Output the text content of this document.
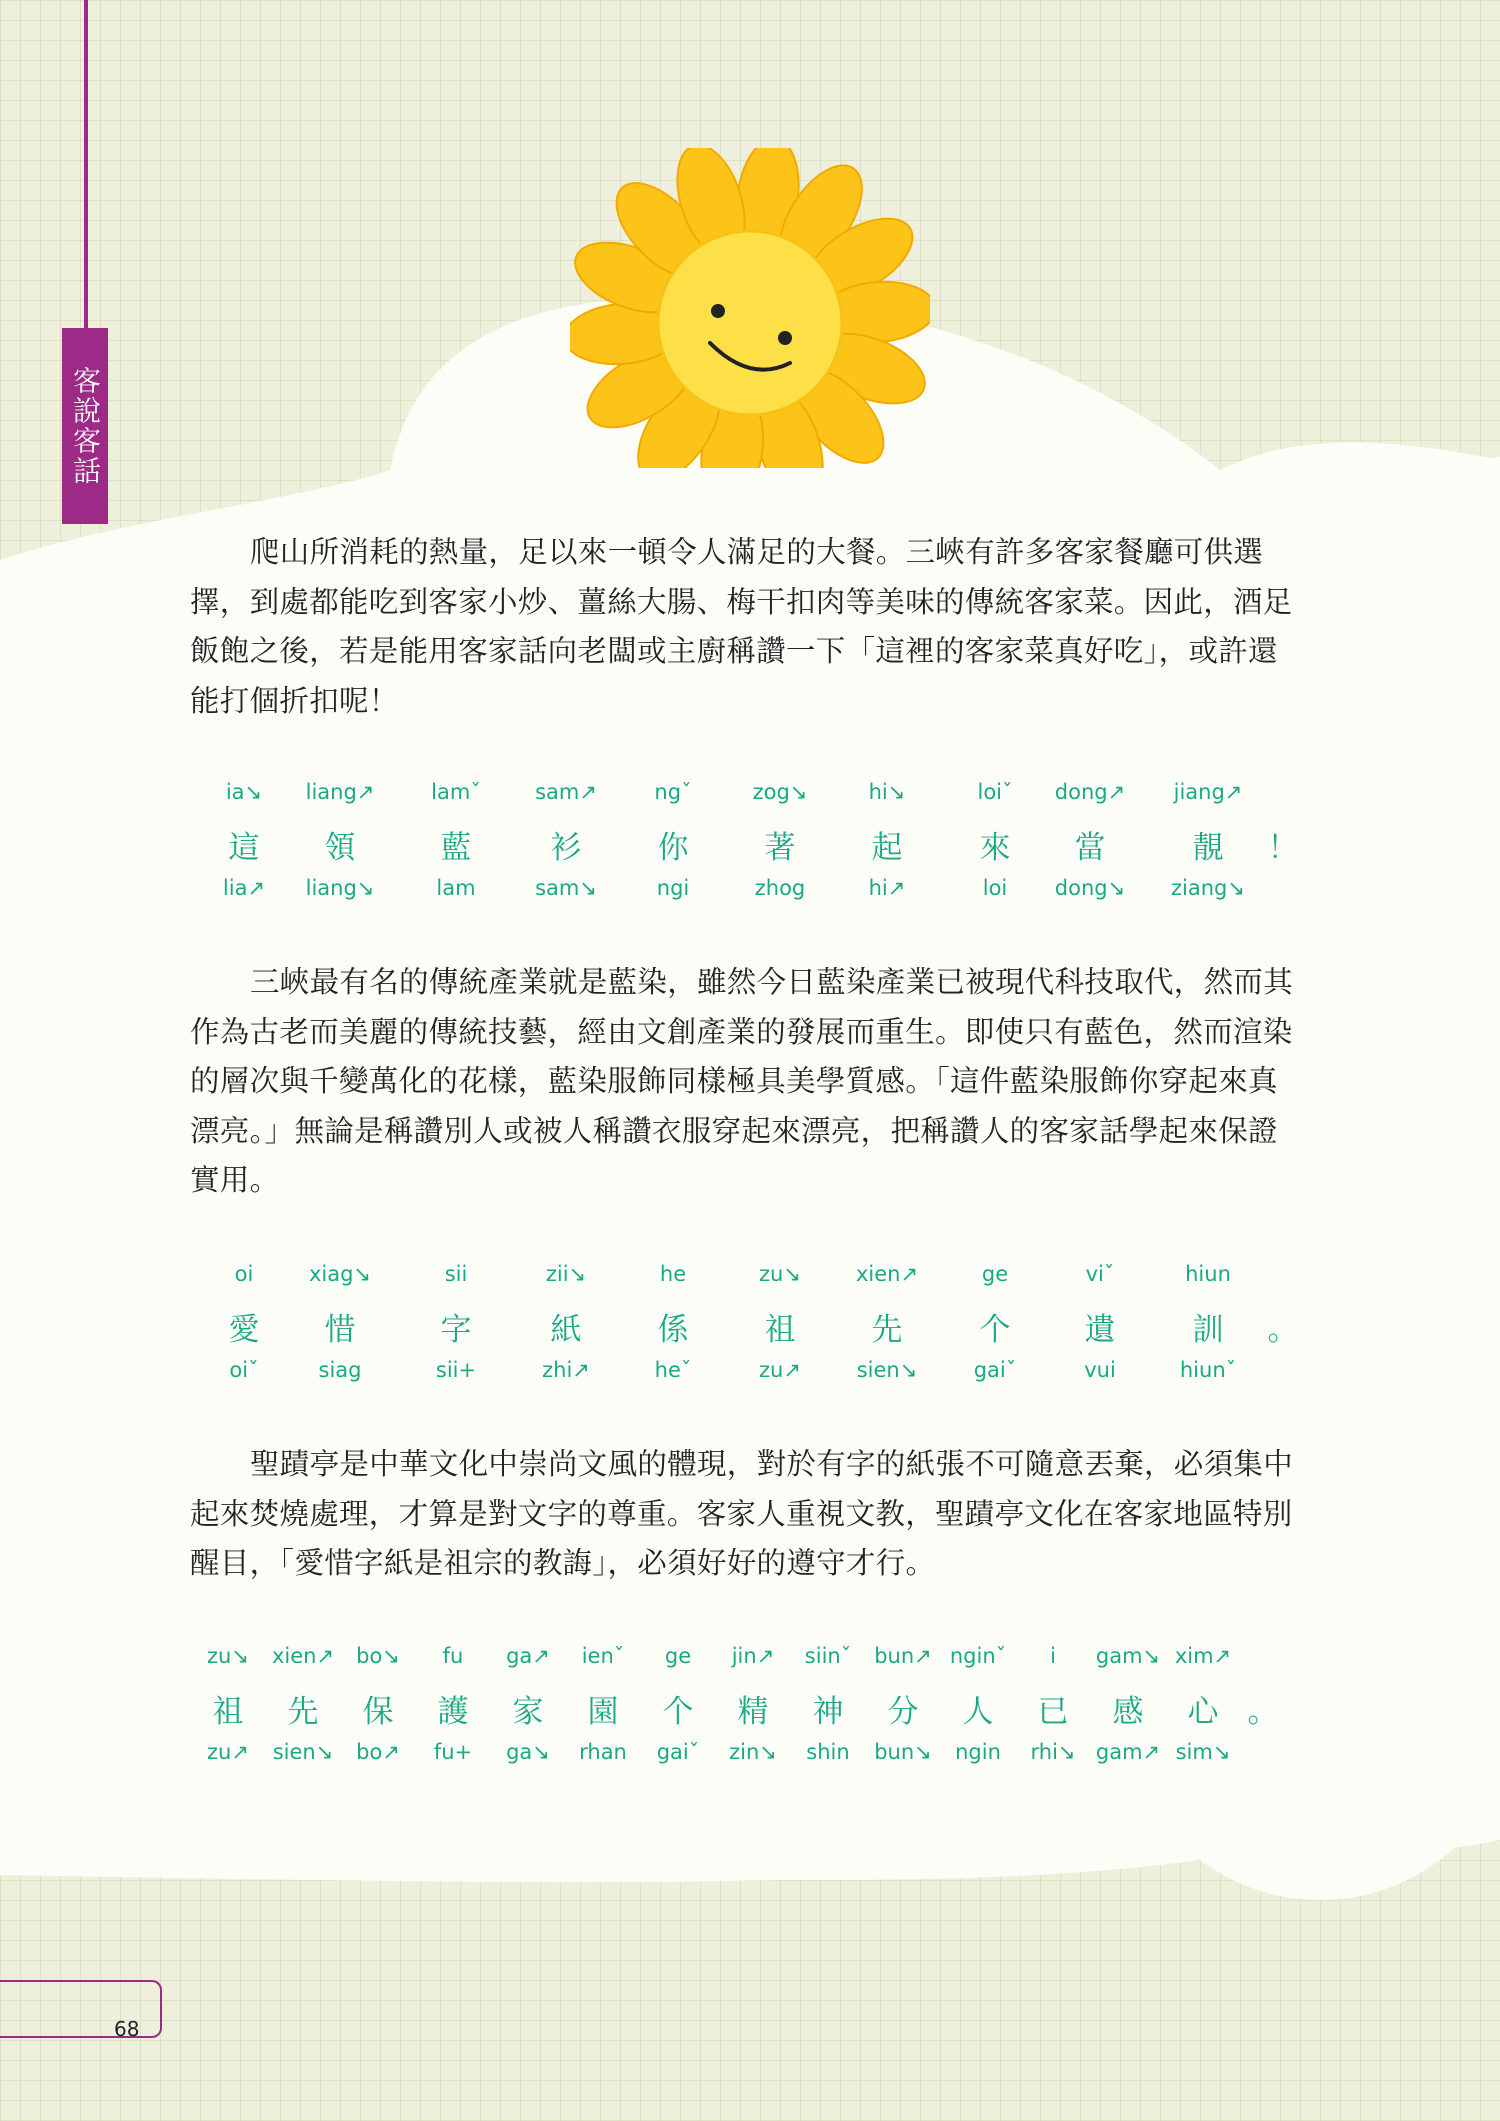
客說客話

爬山所消耗的熱量，足以來一頓令人滿足的大餐。三峽有許多客家餐廳可供選擇，到處都能吃到客家小炒、薑絲大腸、梅干扣肉等美味的傳統客家菜。因此，酒足飯飽之後，若是能用客家話向老闆或主廚稱讚一下「這裡的客家菜真好吃」，或許還能打個折扣呢！

ia↘ liang↗	lamˇ	sam↗	ngˇ	zog↘	hi↘	loiˇ dong↗ jiang↗
這 領	藍	衫 你 著 起 來 當	靚 ！
lia↗ liang↘	lam	sam↘	ngi	zhog	hi↗	loi dong↘ ziang↘

三峽最有名的傳統產業就是藍染，雖然今日藍染產業已被現代科技取代，然而其作為古老而美麗的傳統技藝，經由文創產業的發展而重生。即使只有藍色，然而渲染的層次與千變萬化的花樣，藍染服飾同樣極具美學質感。「這件藍染服飾你穿起來真漂亮。」無論是稱讚別人或被人稱讚衣服穿起來漂亮，把稱讚人的客家話學起來保證實用。

oi	xiag↘	sii	zii↘	he	zu↘	xien↗	ge	viˇ	hiun
愛 惜	字	紙 係 祖 先 个 遺 訓 。
oiˇ	siag	sii+	zhi↗	heˇ	zu↗	sien↘	gaiˇ	vui	hiunˇ

聖蹟亭是中華文化中崇尚文風的體現，對於有字的紙張不可隨意丟棄，必須集中起來焚燒處理，才算是對文字的尊重。客家人重視文教，聖蹟亭文化在客家地區特別醒目，「愛惜字紙是祖宗的教誨」，必須好好的遵守才行。

zu↘ xien↗ bo↘ fu ga↗ ienˇ ge jin↗ siinˇ bun↗ nginˇ i gam↘ xim↗
祖 先 保 護 家 園 个 精 神 分 人 已 感 心 。
zu↗ sien↘ bo↗ fu+ ga↘ rhan gaiˇ zin↘ shin bun↘ ngin rhi↘ gam↗ sim↘
68
